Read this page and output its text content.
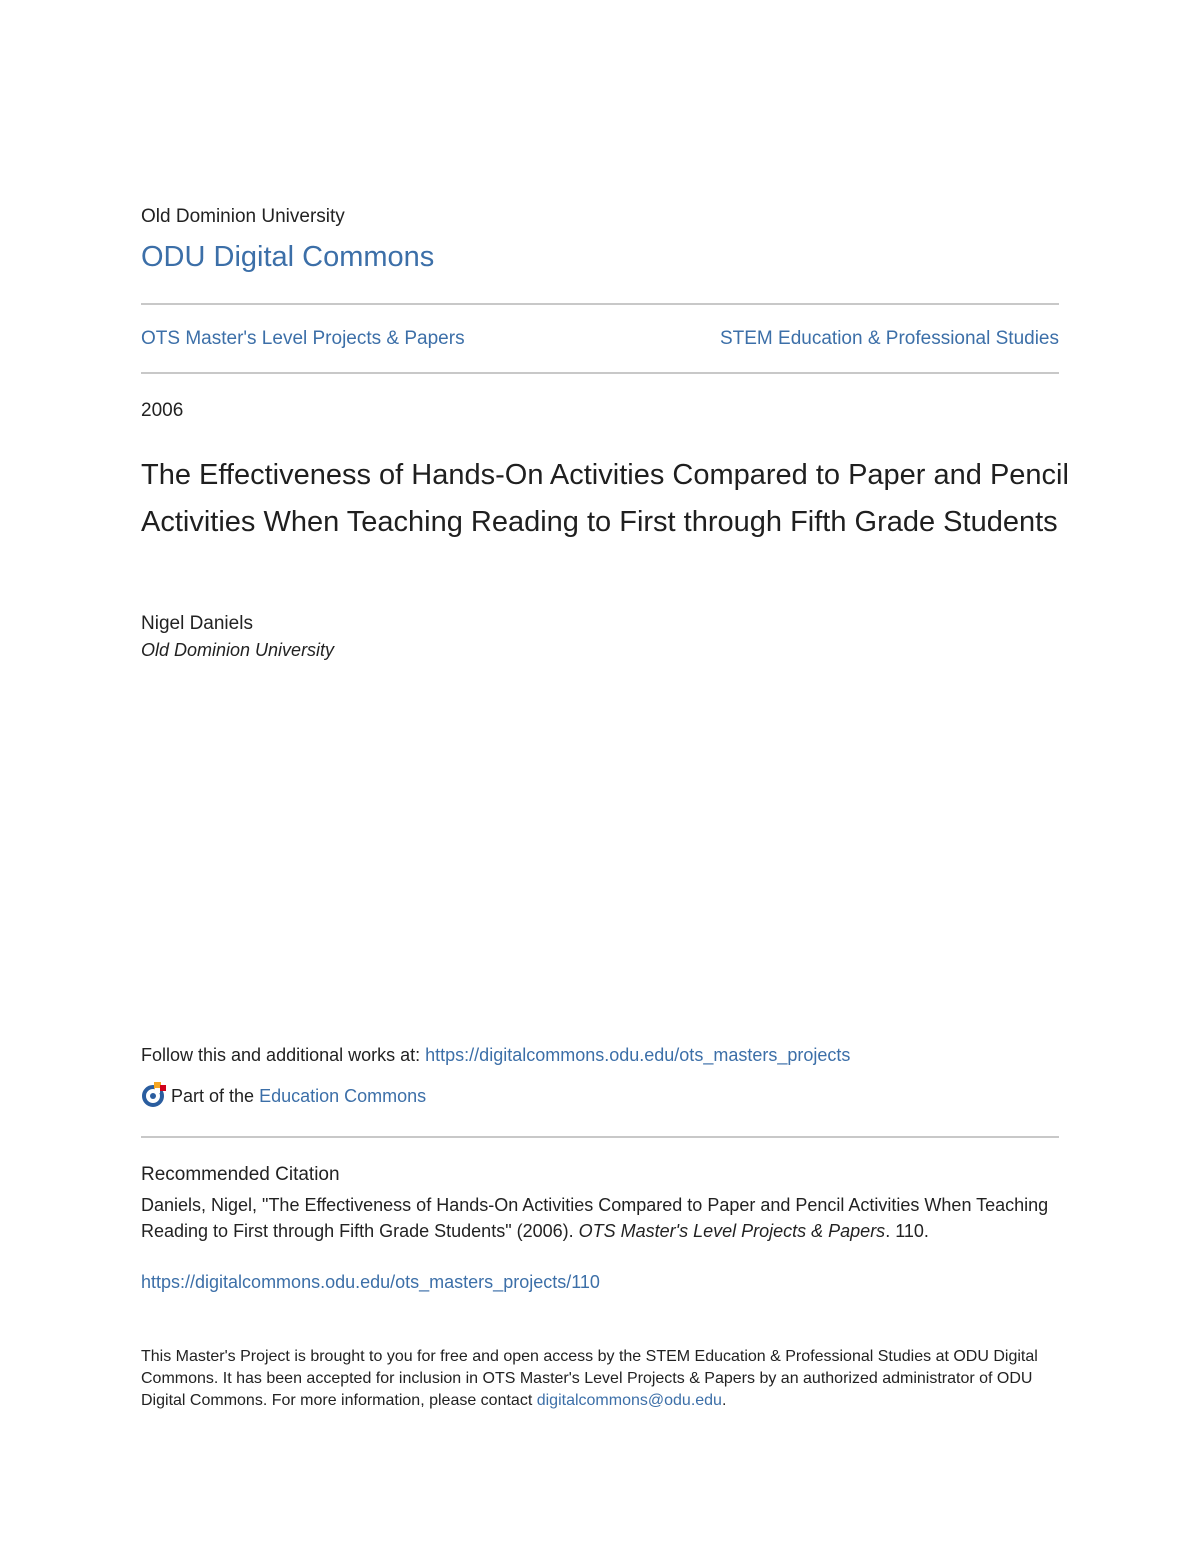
Old Dominion University
ODU Digital Commons
OTS Master's Level Projects & Papers	STEM Education & Professional Studies
2006
The Effectiveness of Hands-On Activities Compared to Paper and Pencil Activities When Teaching Reading to First through Fifth Grade Students
Nigel Daniels
Old Dominion University
Follow this and additional works at: https://digitalcommons.odu.edu/ots_masters_projects
Part of the Education Commons
Recommended Citation
Daniels, Nigel, "The Effectiveness of Hands-On Activities Compared to Paper and Pencil Activities When Teaching Reading to First through Fifth Grade Students" (2006). OTS Master's Level Projects & Papers. 110.
https://digitalcommons.odu.edu/ots_masters_projects/110
This Master's Project is brought to you for free and open access by the STEM Education & Professional Studies at ODU Digital Commons. It has been accepted for inclusion in OTS Master's Level Projects & Papers by an authorized administrator of ODU Digital Commons. For more information, please contact digitalcommons@odu.edu.
